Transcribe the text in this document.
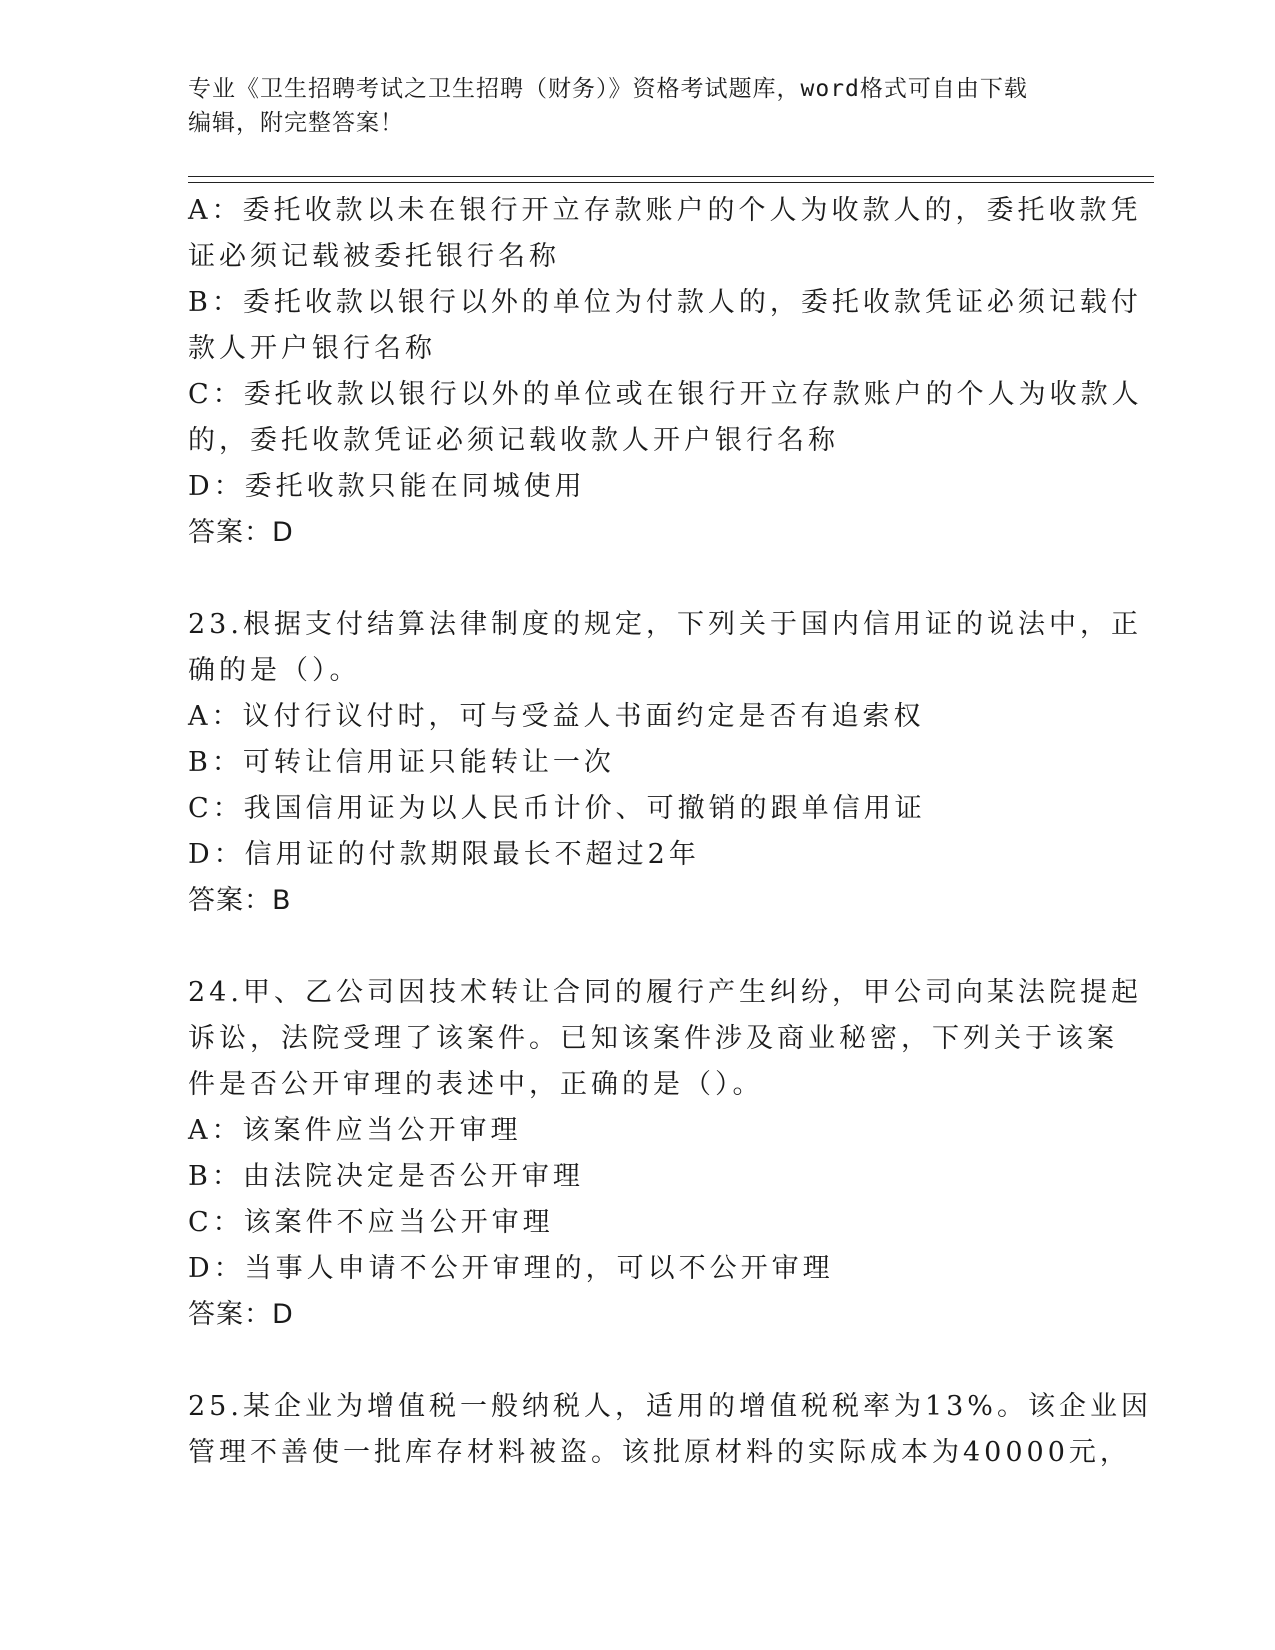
专业《卫生招聘考试之卫生招聘（财务）》资格考试题库，word格式可自由下载
编辑，附完整答案！
A：委托收款以未在银行开立存款账户的个人为收款人的，委托收款凭
证必须记载被委托银行名称
B：委托收款以银行以外的单位为付款人的，委托收款凭证必须记载付
款人开户银行名称
C：委托收款以银行以外的单位或在银行开立存款账户的个人为收款人
的，委托收款凭证必须记载收款人开户银行名称
D：委托收款只能在同城使用
答案：D
23.根据支付结算法律制度的规定，下列关于国内信用证的说法中，正
确的是（）。
A：议付行议付时，可与受益人书面约定是否有追索权
B：可转让信用证只能转让一次
C：我国信用证为以人民币计价、可撤销的跟单信用证
D：信用证的付款期限最长不超过2年
答案：B
24.甲、乙公司因技术转让合同的履行产生纠纷，甲公司向某法院提起
诉讼，法院受理了该案件。已知该案件涉及商业秘密，下列关于该案
件是否公开审理的表述中，正确的是（）。
A：该案件应当公开审理
B：由法院决定是否公开审理
C：该案件不应当公开审理
D：当事人申请不公开审理的，可以不公开审理
答案：D
25.某企业为增值税一般纳税人，适用的增值税税率为13%。该企业因
管理不善使一批库存材料被盗。该批原材料的实际成本为40000元，
